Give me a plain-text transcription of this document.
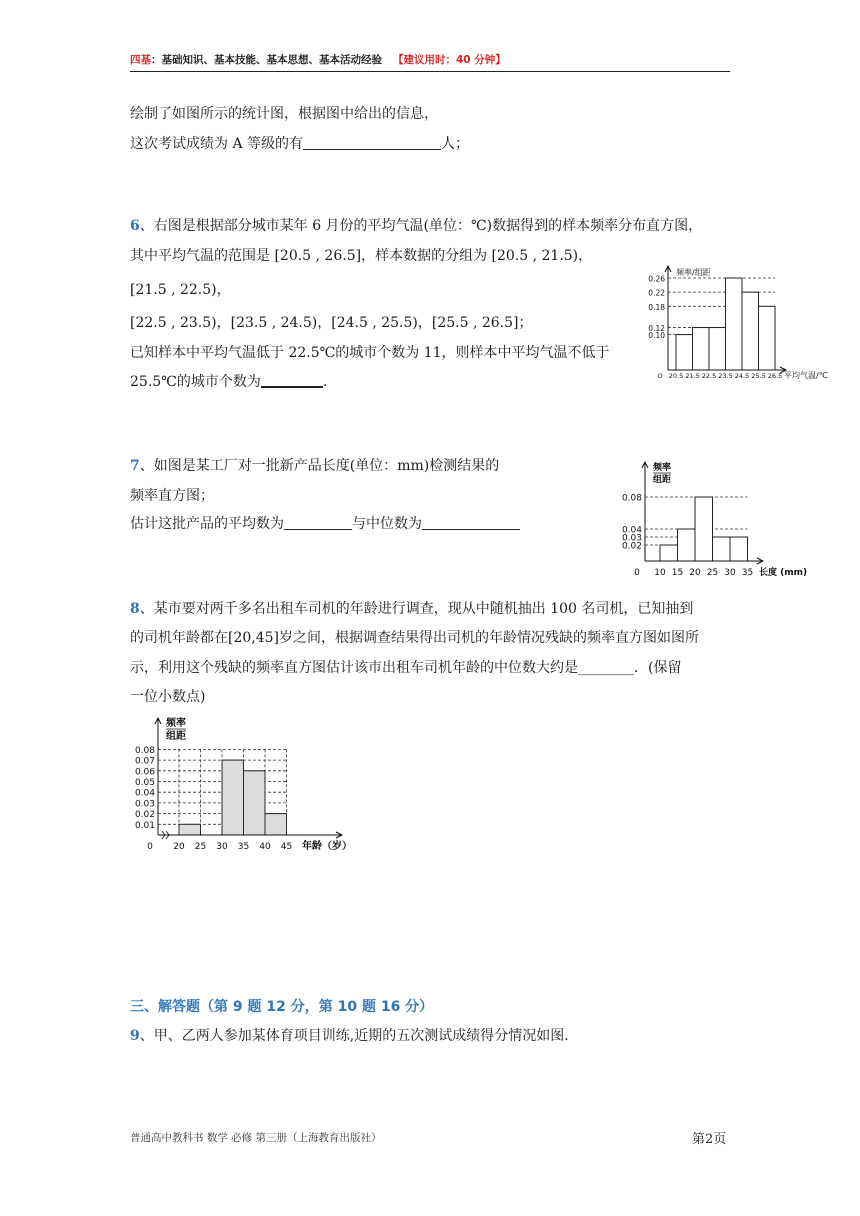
四基：基础知识、基本技能、基本思想、基本活动经验 【建议用时：40 分钟】
绘制了如图所示的统计图，根据图中给出的信息，
这次考试成绩为 A 等级的有	人；
6、右图是根据部分城市某年 6 月份的平均气温(单位：℃)数据得到的样本频率分布直方图，
其中平均气温的范围是 [20.5 , 26.5]，样本数据的分组为 [20.5 , 21.5)，
[21.5 , 22.5)，
[22.5 , 23.5)，[23.5 , 24.5)，[24.5 , 25.5)，[25.5 , 26.5]；
已知样本中平均气温低于 22.5℃的城市个数为 11，则样本中平均气温不低于
25.5℃的城市个数为	.
0.10
0.12
0.18
0.22
0.26
20.5 21.5 22.5 23.5 24.5 25.5 26.5
O	平均气温/℃
频率/组距
7、如图是某工厂对一批新产品长度(单位：mm)检测结果的
频率直方图；
估计这批产品的平均数为	与中位数为
0.02
0.03
0.04
0.08
10 15 20 25 30 35
0	长度 (mm)
频率
组距
8、某市要对两千多名出租车司机的年龄进行调查，现从中随机抽出 100 名司机，已知抽到
的司机年龄都在[20,45]岁之间，根据调查结果得出司机的年龄情况残缺的频率直方图如图所
示，利用这个残缺的频率直方图估计该市出租车司机年龄的中位数大约是________．(保留
一位小数点)
0.01
0.02
0.03
0.04
0.05
0.06
0.07
0.08
20 25 30 35 40 45
0	年龄（岁）
频率
组距
三、解答题（第 9 题 12 分，第 10 题 16 分）
9、甲、乙两人参加某体育项目训练,近期的五次测试成绩得分情况如图.
普通高中教科书 数学 必修 第三册（上海教育出版社）	第2页
